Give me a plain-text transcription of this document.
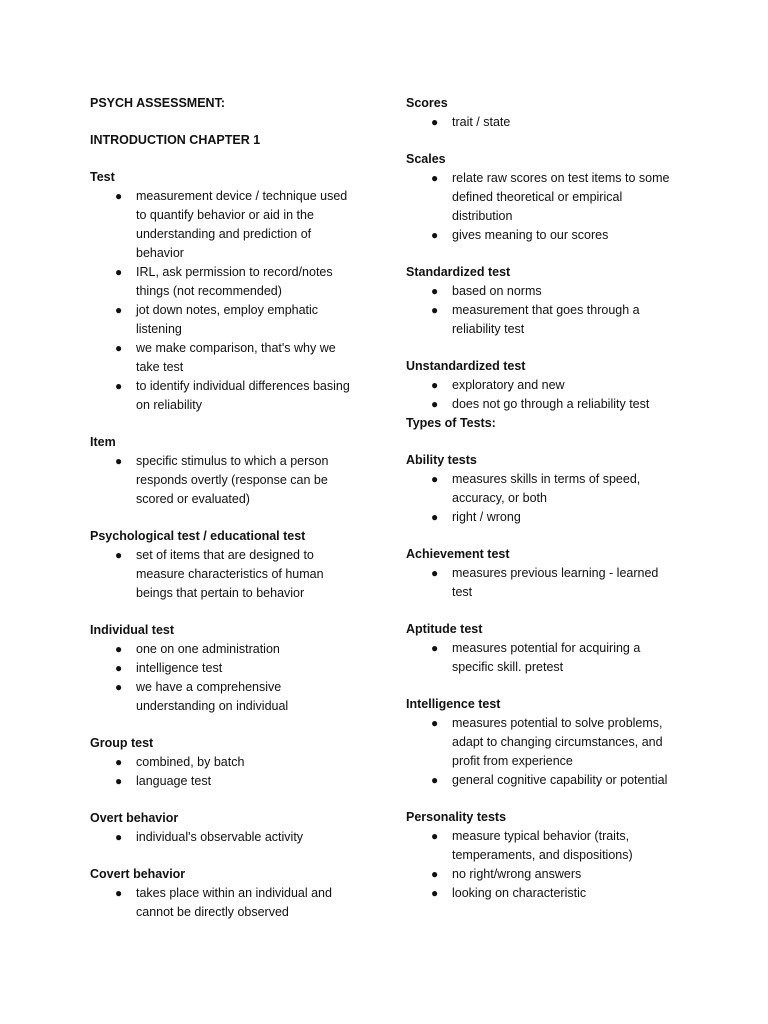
PSYCH ASSESSMENT:
INTRODUCTION CHAPTER 1
Test
● measurement device / technique used
to quantify behavior or aid in the
understanding and prediction of
behavior
● IRL, ask permission to record/notes
things (not recommended)
● jot down notes, employ emphatic
listening
● we make comparison, that's why we
take test
● to identify individual differences basing
on reliability
Item
● specific stimulus to which a person
responds overtly (response can be
scored or evaluated)
Psychological test / educational test
● set of items that are designed to
measure characteristics of human
beings that pertain to behavior
Individual test
● one on one administration
● intelligence test
● we have a comprehensive
understanding on individual
Group test
● combined, by batch
● language test
Overt behavior
● individual's observable activity
Covert behavior
● takes place within an individual and
cannot be directly observed
Scores
● trait / state
Scales
● relate raw scores on test items to some
defined theoretical or empirical
distribution
● gives meaning to our scores
Standardized test
● based on norms
● measurement that goes through a
reliability test
Unstandardized test
● exploratory and new
● does not go through a reliability test
Types of Tests:
Ability tests
● measures skills in terms of speed,
accuracy, or both
● right / wrong
Achievement test
● measures previous learning - learned
test
Aptitude test
● measures potential for acquiring a
specific skill. pretest
Intelligence test
● measures potential to solve problems,
adapt to changing circumstances, and
profit from experience
● general cognitive capability or potential
Personality tests
● measure typical behavior (traits,
temperaments, and dispositions)
● no right/wrong answers
● looking on characteristic
